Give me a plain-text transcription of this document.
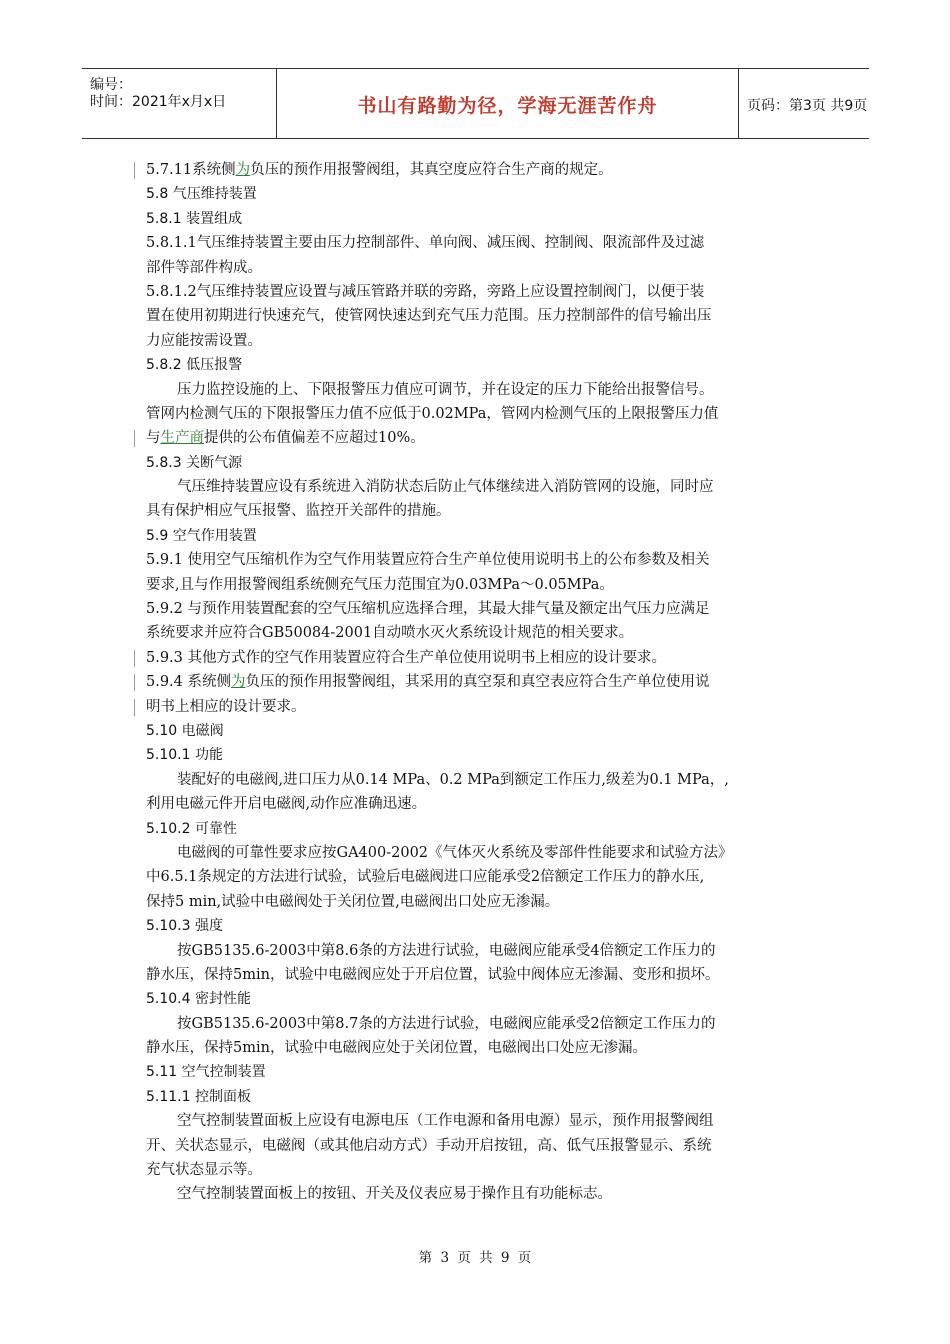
编号：
时间：2021年x月x日	书山有路勤为径，学海无涯苦作舟	页码：第3页 共9页
5.7.11系统侧为负压的预作用报警阀组，其真空度应符合生产商的规定。
5.8 气压维持装置
5.8.1 装置组成
5.8.1.1气压维持装置主要由压力控制部件、单向阀、减压阀、控制阀、限流部件及过滤
部件等部件构成。
5.8.1.2气压维持装置应设置与减压管路并联的旁路，旁路上应设置控制阀门，以便于装
置在使用初期进行快速充气，使管网快速达到充气压力范围。压力控制部件的信号输出压
力应能按需设置。
5.8.2 低压报警
压力监控设施的上、下限报警压力值应可调节，并在设定的压力下能给出报警信号。
管网内检测气压的下限报警压力值不应低于0.02MPa，管网内检测气压的上限报警压力值
与生产商提供的公布值偏差不应超过10%。
5.8.3 关断气源
气压维持装置应设有系统进入消防状态后防止气体继续进入消防管网的设施，同时应
具有保护相应气压报警、监控开关部件的措施。
5.9 空气作用装置
5.9.1 使用空气压缩机作为空气作用装置应符合生产单位使用说明书上的公布参数及相关
要求,且与作用报警阀组系统侧充气压力范围宜为0.03MPa～0.05MPa。
5.9.2 与预作用装置配套的空气压缩机应选择合理，其最大排气量及额定出气压力应满足
系统要求并应符合GB50084-2001自动喷水灭火系统设计规范的相关要求。
5.9.3 其他方式作的空气作用装置应符合生产单位使用说明书上相应的设计要求。
5.9.4 系统侧为负压的预作用报警阀组，其采用的真空泵和真空表应符合生产单位使用说
明书上相应的设计要求。
5.10 电磁阀
5.10.1 功能
装配好的电磁阀,进口压力从0.14 MPa、0.2 MPa到额定工作压力,级差为0.1 MPa，,
利用电磁元件开启电磁阀,动作应准确迅速。
5.10.2 可靠性
电磁阀的可靠性要求应按GA400-2002《气体灭火系统及零部件性能要求和试验方法》
中6.5.1条规定的方法进行试验，试验后电磁阀进口应能承受2倍额定工作压力的静水压,
保持5 min,试验中电磁阀处于关闭位置,电磁阀出口处应无渗漏。
5.10.3 强度
按GB5135.6-2003中第8.6条的方法进行试验，电磁阀应能承受4倍额定工作压力的
静水压，保持5min，试验中电磁阀应处于开启位置，试验中阀体应无渗漏、变形和损坏。
5.10.4 密封性能
按GB5135.6-2003中第8.7条的方法进行试验，电磁阀应能承受2倍额定工作压力的
静水压，保持5min，试验中电磁阀应处于关闭位置，电磁阀出口处应无渗漏。
5.11 空气控制装置
5.11.1 控制面板
空气控制装置面板上应设有电源电压（工作电源和备用电源）显示，预作用报警阀组
开、关状态显示，电磁阀（或其他启动方式）手动开启按钮，高、低气压报警显示、系统
充气状态显示等。
空气控制装置面板上的按钮、开关及仪表应易于操作且有功能标志。
第 3 页 共 9 页
